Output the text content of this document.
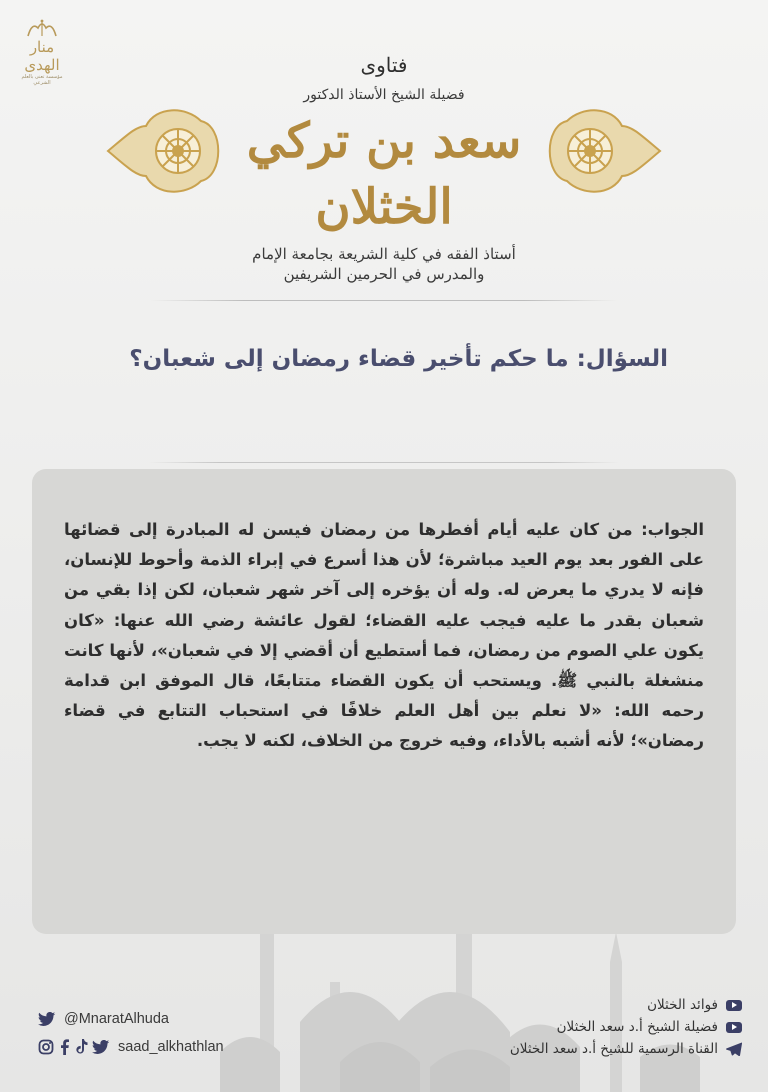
منار الهدى
مؤسسة تعنى بالعلم الشرعي
فتاوى
فضيلة الشيخ الأستاذ الدكتور
سعد بن تركي الخثلان
أستاذ الفقه في كلية الشريعة بجامعة الإمام
والمدرس في الحرمين الشريفين
السؤال: ما حكم تأخير قضاء رمضان إلى شعبان؟
الجواب: من كان عليه أيام أفطرها من رمضان فيسن له المبادرة إلى قضائها على الفور بعد يوم العيد مباشرة؛ لأن هذا أسرع في إبراء الذمة وأحوط للإنسان، فإنه لا يدري ما يعرض له. وله أن يؤخره إلى آخر شهر شعبان، لكن إذا بقي من شعبان بقدر ما عليه فيجب عليه القضاء؛ لقول عائشة رضي الله عنها: «كان يكون علي الصوم من رمضان، فما أستطيع أن أقضي إلا في شعبان»، لأنها كانت منشغلة بالنبي ﷺ. ويستحب أن يكون القضاء متتابعًا، قال الموفق ابن قدامة رحمه الله: «لا نعلم بين أهل العلم خلافًا في استحباب التتابع في قضاء رمضان»؛ لأنه أشبه بالأداء، وفيه خروج من الخلاف، لكنه لا يجب.
@MnaratAlhuda
saad_alkhathlan
فوائد الخثلان
فضيلة الشيخ أ.د سعد الخثلان
القناة الرسمية للشيخ أ.د سعد الخثلان
